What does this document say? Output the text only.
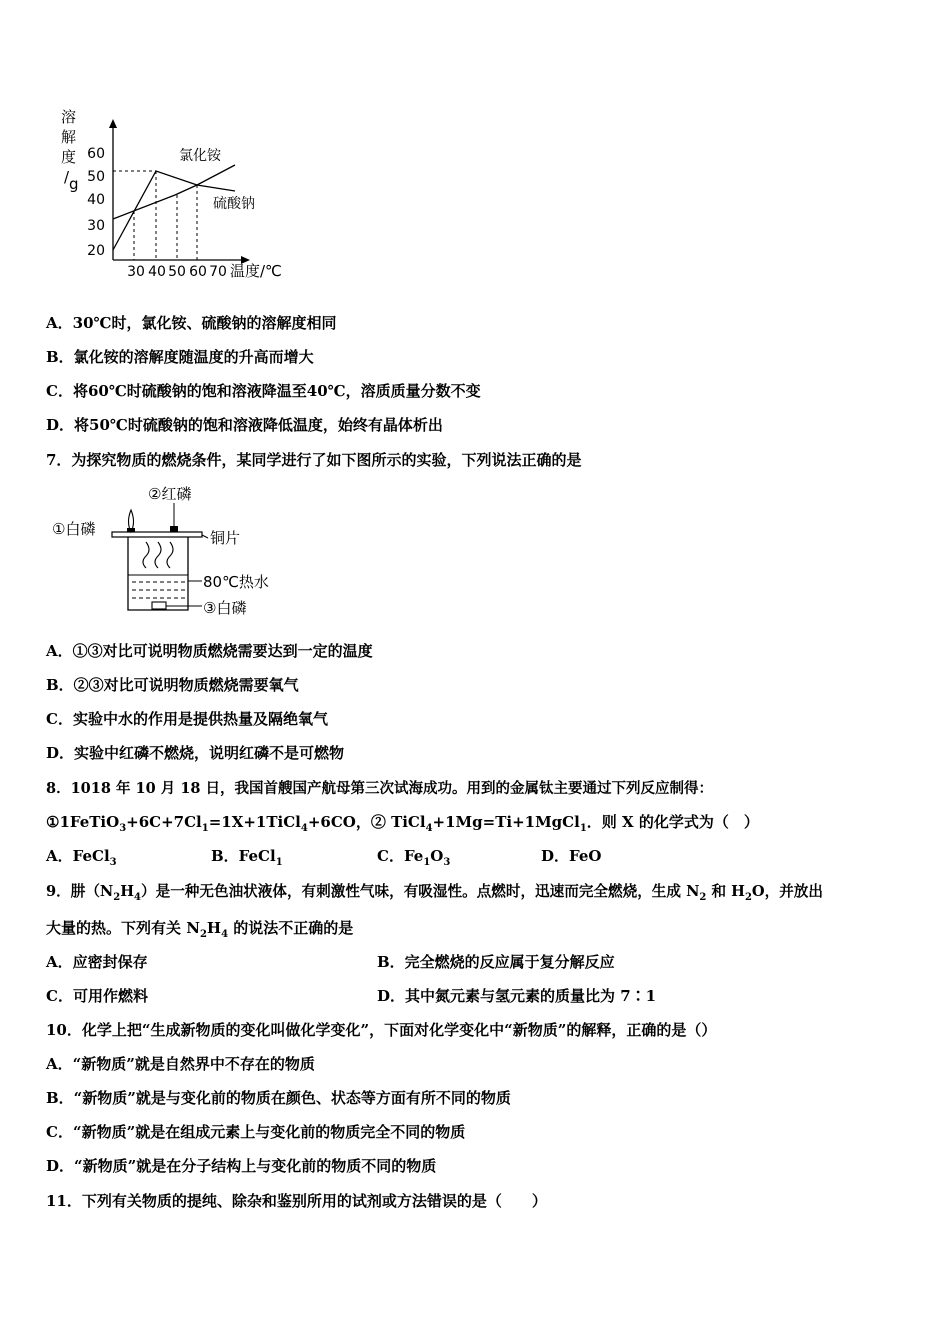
溶
解
度
/ g
60
50
40
30
20
氯化铵
硫酸钠
30 40 50 60 70 温度/℃
A．30℃时，氯化铵、硫酸钠的溶解度相同
B．氯化铵的溶解度随温度的升高而增大
C．将60℃时硫酸钠的饱和溶液降温至40℃，溶质质量分数不变
D．将50℃时硫酸钠的饱和溶液降低温度，始终有晶体析出
7．为探究物质的燃烧条件，某同学进行了如下图所示的实验，下列说法正确的是
①白磷
②红磷
铜片
80℃热水
③白磷
A．①③对比可说明物质燃烧需要达到一定的温度
B．②③对比可说明物质燃烧需要氧气
C．实验中水的作用是提供热量及隔绝氧气
D．实验中红磷不燃烧，说明红磷不是可燃物
8．1018 年 10 月 18 日，我国首艘国产航母第三次试海成功。用到的金属钛主要通过下列反应制得：
$①1FeTiO_3+6C+7Cl_1=1X+1TiCl_4+6CO$，② TiCl$_4$+1Mg=Ti+1MgCl$_1$．则 X 的化学式为（　）
A．FeCl$_3$	B．FeCl$_1$	C．$Fe_1O_3$	D．FeO
9．肼$(N_2H_4)$是一种无色油状液体，有刺激性气味，有吸湿性。点燃时，迅速而完全燃烧，生成 $N_2$ 和 $H_2O$，并放出
大量的热。下列有关 $N_2H_4$ 的说法不正确的是
A．应密封保存	B．完全燃烧的反应属于复分解反应
C．可用作燃料	D．其中氮元素与氢元素的质量比为 7∶1
10．化学上把“生成新物质的变化叫做化学变化”，下面对化学变化中“新物质”的解释，正确的是（）
A．“新物质”就是自然界中不存在的物质
B．“新物质”就是与变化前的物质在颜色、状态等方面有所不同的物质
C．“新物质”就是在组成元素上与变化前的物质完全不同的物质
D．“新物质”就是在分子结构上与变化前的物质不同的物质
11．下列有关物质的提纯、除杂和鉴别所用的试剂或方法错误的是（　　）
